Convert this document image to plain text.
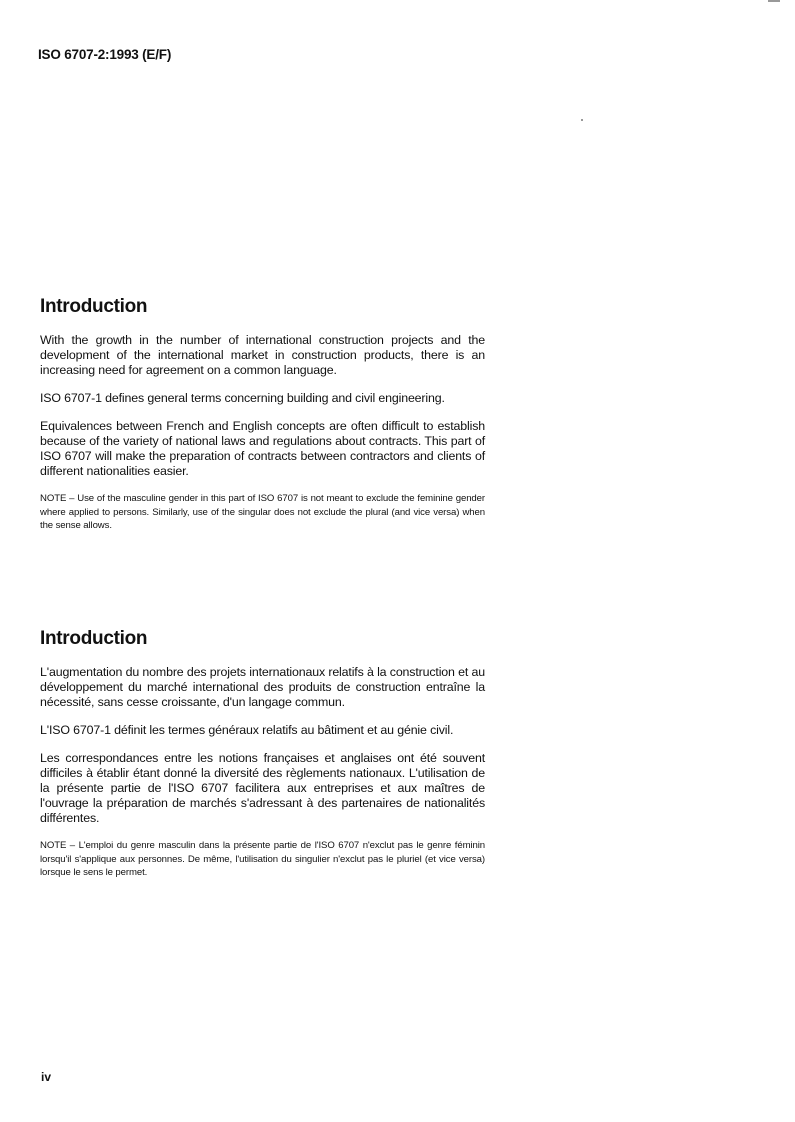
ISO 6707-2:1993 (E/F)
Introduction

With the growth in the number of international construction projects and the development of the international market in construction products, there is an increasing need for agreement on a common language.

ISO 6707-1 defines general terms concerning building and civil engineering.

Equivalences between French and English concepts are often difficult to establish because of the variety of national laws and regulations about contracts. This part of ISO 6707 will make the preparation of contracts between contractors and clients of different nationalities easier.

NOTE – Use of the masculine gender in this part of ISO 6707 is not meant to exclude the feminine gender where applied to persons. Similarly, use of the singular does not exclude the plural (and vice versa) when the sense allows.

Introduction

L'augmentation du nombre des projets internationaux relatifs à la construction et au développement du marché international des produits de construction entraîne la nécessité, sans cesse croissante, d'un langage commun.

L'ISO 6707-1 définit les termes généraux relatifs au bâtiment et au génie civil.

Les correspondances entre les notions françaises et anglaises ont été souvent difficiles à établir étant donné la diversité des règlements nationaux. L'utilisation de la présente partie de l'ISO 6707 facilitera aux entreprises et aux maîtres de l'ouvrage la préparation de marchés s'adressant à des partenaires de nationalités différentes.

NOTE – L'emploi du genre masculin dans la présente partie de l'ISO 6707 n'exclut pas le genre féminin lorsqu'il s'applique aux personnes. De même, l'utilisation du singulier n'exclut pas le pluriel (et vice versa) lorsque le sens le permet.

iv
